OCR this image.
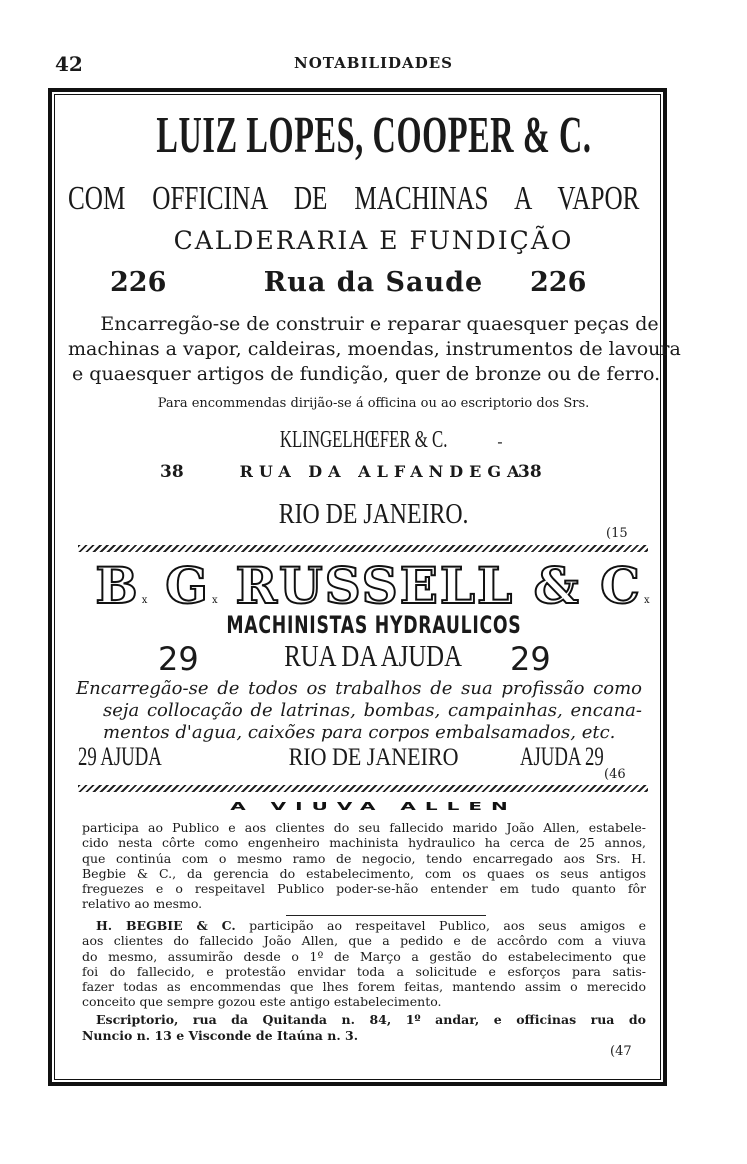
42	NOTABILIDADES
LUIZ LOPES, COOPER & C.
COM OFFICINA DE MACHINAS A VAPOR
CALDERARIA E FUNDIÇÃO
226	Rua da Saude	226
Encarregão-se de construir e reparar quaesquer peças de
machinas a vapor, caldeiras, moendas, instrumentos de lavoura
e quaesquer artigos de fundição, quer de bronze ou de ferro.
Para encommendas dirijão-se á officina ou ao escriptorio dos Srs.
KLINGELHŒFER & C.	-
38	RUA DA ALFANDEGA
38
RIO DE JANEIRO.
(15
Bx G x RUSSELL & C x
MACHINISTAS HYDRAULICOS
29	RUA DA AJUDA	29
Encarregão-se de todos os trabalhos de sua profissão como
seja collocação de latrinas, bombas, campainhas, encana-
mentos d'agua, caixões para corpos embalsamados, etc.
29 AJUDA	RIO DE JANEIRO	AJUDA 29
(46
A VIUVA ALLEN

participa ao Publico e aos clientes do seu fallecido marido João Allen, estabele-

cido nesta côrte como engenheiro machinista hydraulico ha cerca de 25 annos,

que continúa com o mesmo ramo de negocio, tendo encarregado aos Srs. H.

Begbie & C., da gerencia do estabelecimento, com os quaes os seus antigos

freguezes e o respeitavel Publico poder-se-hão entender em tudo quanto fôr

relativo ao mesmo.

H. BEGBIE & C. participão ao respeitavel Publico, aos seus amigos e

aos clientes do fallecido João Allen, que a pedido e de accôrdo com a viuva

do mesmo, assumirão desde o 1º de Março a gestão do estabelecimento que

foi do fallecido, e protestão envidar toda a solicitude e esforços para satis-

fazer todas as encommendas que lhes forem feitas, mantendo assim o merecido

conceito que sempre gozou este antigo estabelecimento.

Escriptorio, rua da Quitanda n. 84, 1º andar, e officinas rua do

Nuncio n. 13 e Visconde de Itaúna n. 3.

(47
